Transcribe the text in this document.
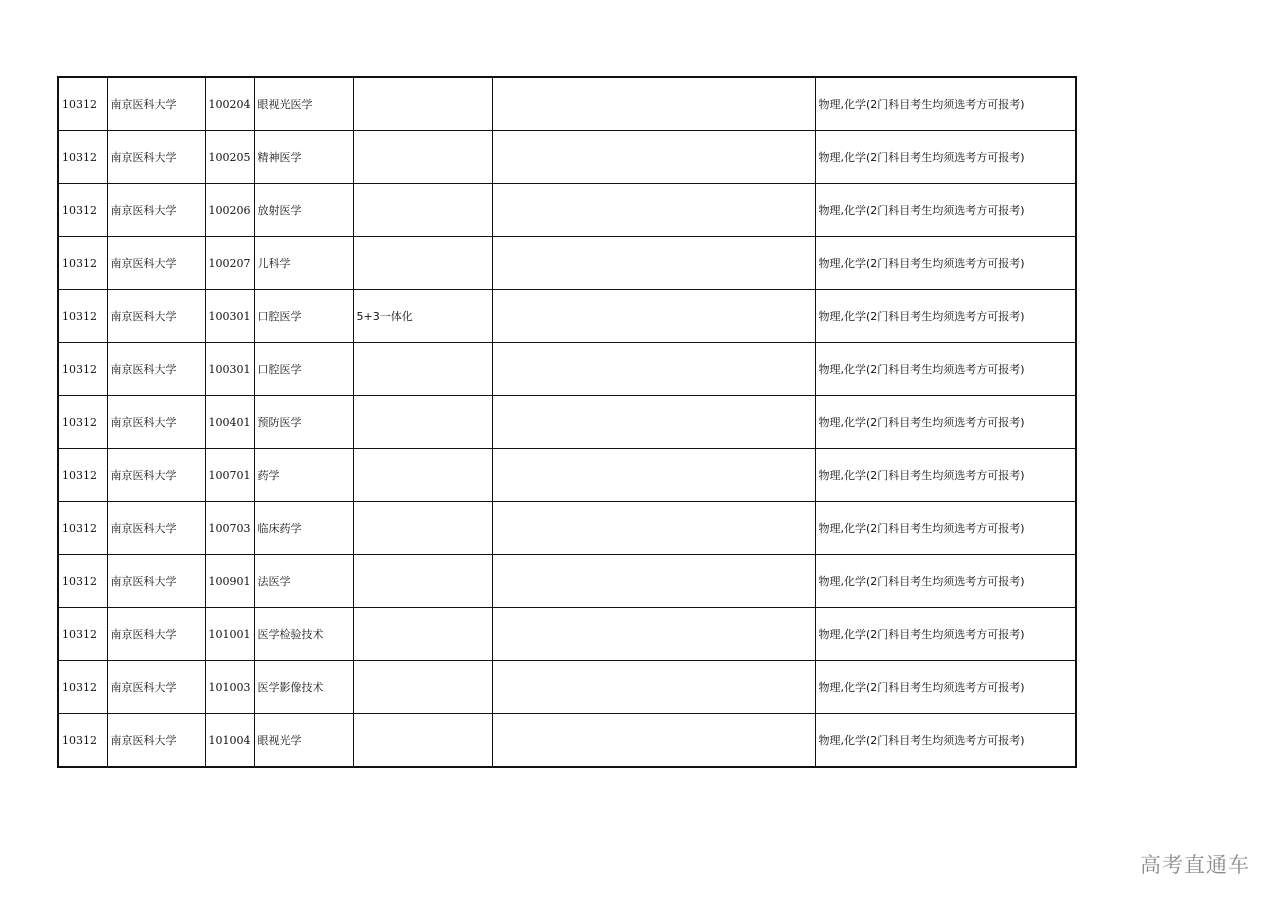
10312	南京医科大学	100204	眼视光医学			物理,化学(2门科目考生均须选考方可报考)
10312	南京医科大学	100205	精神医学			物理,化学(2门科目考生均须选考方可报考)
10312	南京医科大学	100206	放射医学			物理,化学(2门科目考生均须选考方可报考)
10312	南京医科大学	100207	儿科学			物理,化学(2门科目考生均须选考方可报考)
10312	南京医科大学	100301	口腔医学	5+3一体化		物理,化学(2门科目考生均须选考方可报考)
10312	南京医科大学	100301	口腔医学			物理,化学(2门科目考生均须选考方可报考)
10312	南京医科大学	100401	预防医学			物理,化学(2门科目考生均须选考方可报考)
10312	南京医科大学	100701	药学			物理,化学(2门科目考生均须选考方可报考)
10312	南京医科大学	100703	临床药学			物理,化学(2门科目考生均须选考方可报考)
10312	南京医科大学	100901	法医学			物理,化学(2门科目考生均须选考方可报考)
10312	南京医科大学	101001	医学检验技术			物理,化学(2门科目考生均须选考方可报考)
10312	南京医科大学	101003	医学影像技术			物理,化学(2门科目考生均须选考方可报考)
10312	南京医科大学	101004	眼视光学			物理,化学(2门科目考生均须选考方可报考)
高考直通车
